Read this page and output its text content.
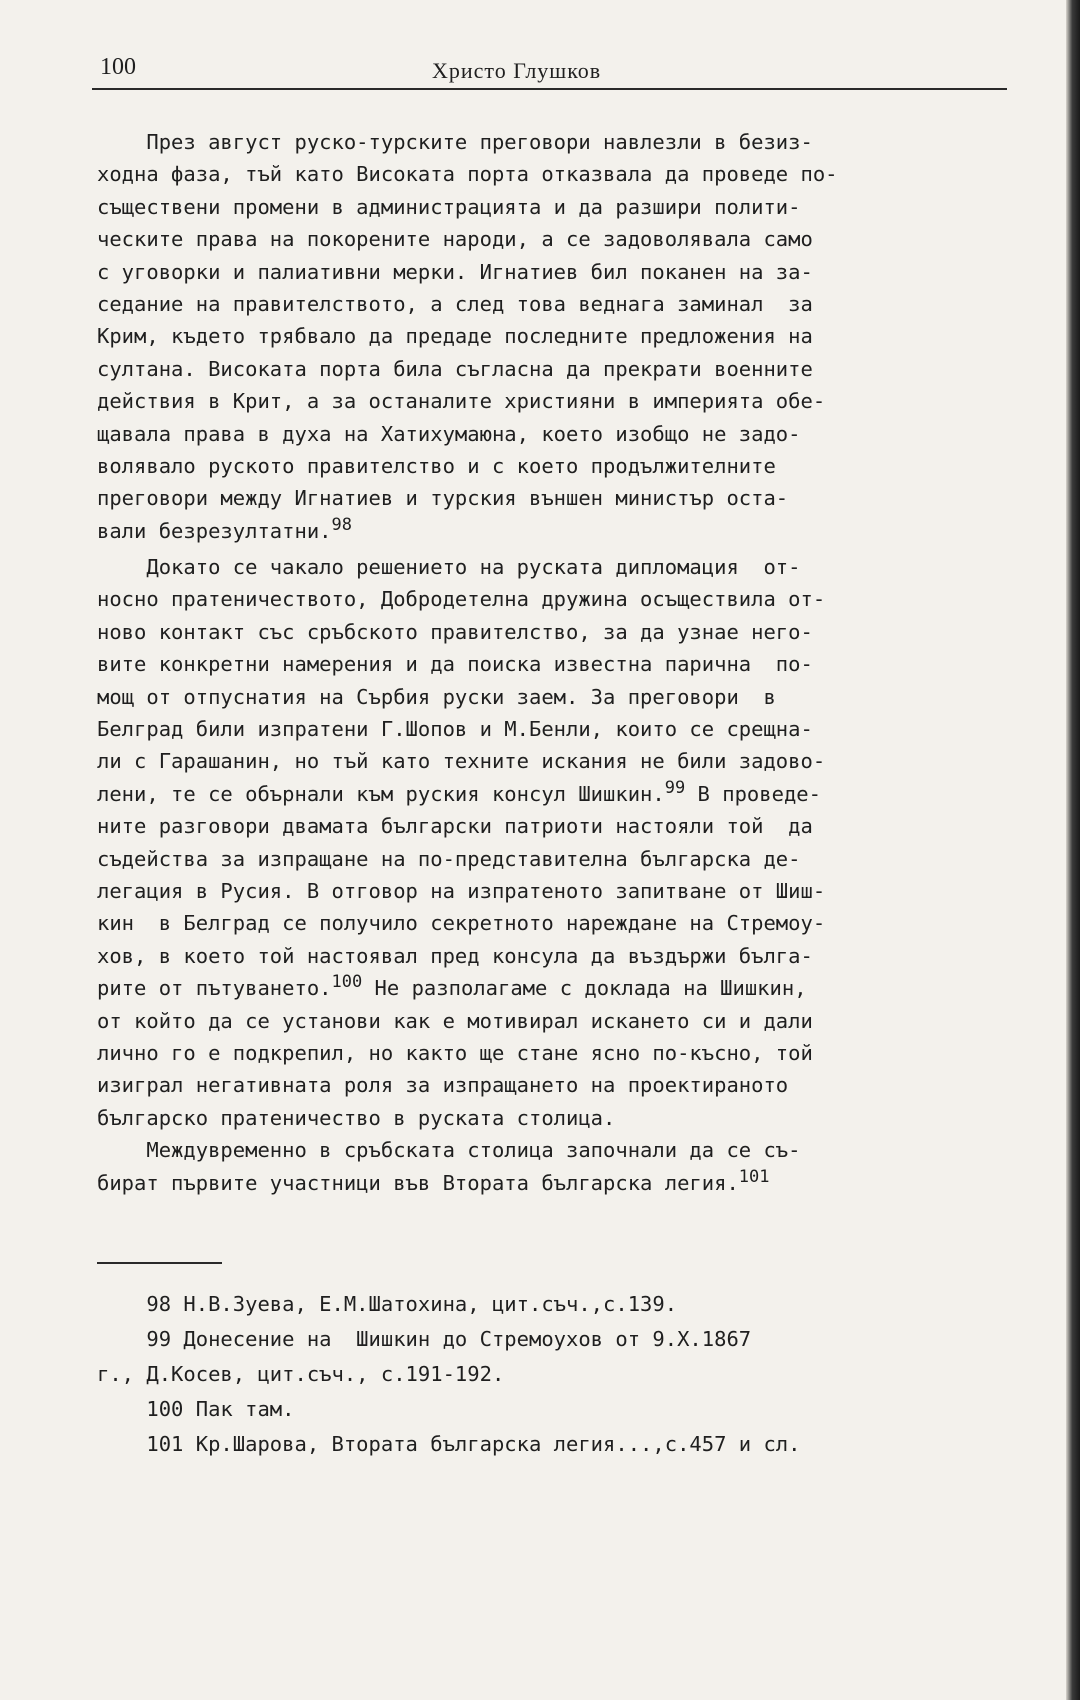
100	Христо Глушков
През август руско-турските преговори навлезли в безиз-
ходна фаза, тъй като Високата порта отказвала да проведе по-
съществени промени в администрацията и да разшири полити-
ческите права на покорените народи, а се задоволявала само
с уговорки и палиативни мерки. Игнатиев бил поканен на за-
седание на правителството, а след това веднага заминал  за
Крим, където трябвало да предаде последните предложения на
султана. Високата порта била съгласна да прекрати военните
действия в Крит, а за останалите християни в империята обе-
щавала права в духа на Хатихумаюна, което изобщо не задо-
волявало руското правителство и с което продължителните
преговори между Игнатиев и турския външен министър оста-
вали безрезултатни.$^{98}$
Докато се чакало решението на руската дипломация  от-
носно пратеничеството, Добродетелна дружина осъществила от-
ново контакт със сръбското правителство, за да узнае него-
вите конкретни намерения и да поиска известна парична  по-
мощ от отпуснатия на Сърбия руски заем. За преговори  в
Белград били изпратени Г.Шопов и М.Бенли, които се срещна-
ли с Гарашанин, но тъй като техните искания не били задово-
лени, те се обърнали към руския консул Шишкин.$^{99}$ В проведе-
ните разговори двамата български патриоти настояли той  да
съдейства за изпращане на по-представителна българска де-
легация в Русия. В отговор на изпратеното запитване от Шиш-
кин  в Белград се получило секретното нареждане на Стремоу-
хов, в което той настоявал пред консула да въздържи бълга-
рите от пътуването.$^{100}$ Не разполагаме с доклада на Шишкин,
от който да се установи как е мотивирал искането си и дали
лично го е подкрепил, но както ще стане ясно по-късно, той
изиграл негативната роля за изпращането на проектираното
българско пратеничество в руската столица.
Междувременно в сръбската столица започнали да се съ-
бират първите участници във Втората българска легия.$^{101}$
98 Н.В.Зуева, Е.М.Шатохина, цит.съч.,с.139.
99 Донесение на  Шишкин до Стремоухов от 9.Х.1867
г., Д.Косев, цит.съч., с.191-192.
100 Пак там.
101 Кр.Шарова, Втората българска легия...,с.457 и сл.
